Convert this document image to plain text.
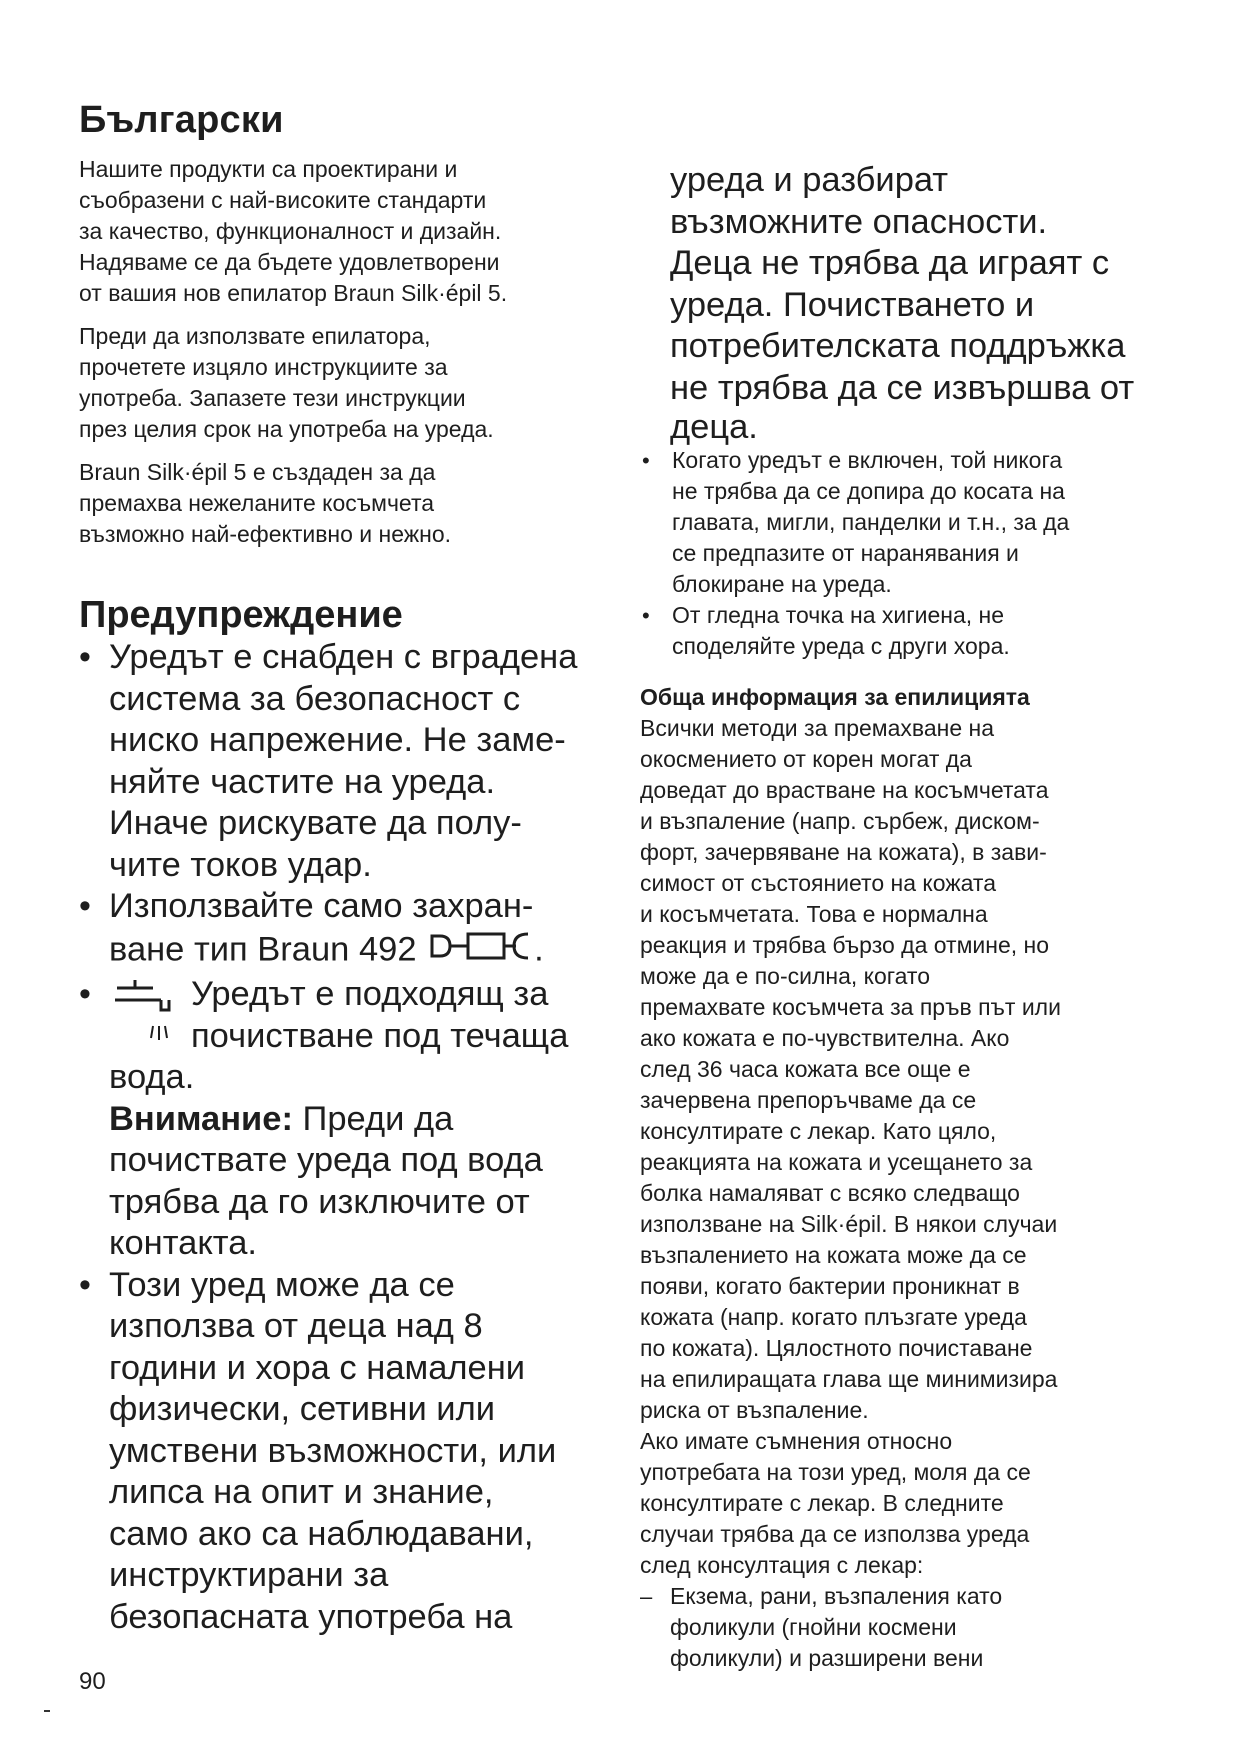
Български

Нашите продукти са проектирани и
съобразени с най-високите стандарти
за качество, функционалност и дизайн.
Надяваме се да бъдете удовлетворени
от вашия нов епилатор Braun Silk·épil 5.

Преди да използвате епилатора,
прочетете изцяло инструкциите за
употреба. Запазете тези инструкции
през целия срок на употреба на уреда.

Braun Silk·épil 5 е създаден за да
премахва нежеланите косъмчета
възможно най-ефективно и нежно.

Предупреждение
• Уредът е снабден с вградена
система за безопасност с
ниско напрежение. Не заме-
няйте частите на уреда.
Иначе рискувате да полу-
чите токов удар.
• Използвайте само захран-
ване тип Braun 492	.
•	Уредът е подходящ за
почистване под течаща
вода.
Внимание: Преди да
почиствате уреда под вода
трябва да го изключите от
контакта.
• Този уред може да се
използва от деца над 8
години и хора с намалени
физически, сетивни или
умствени възможности, или
липса на опит и знание,
само ако са наблюдавани,
инструктирани за
безопасната употреба на
уреда и разбират
възможните опасности.
Деца не трябва да играят с
уреда. Почистването и
потребителската поддръжка
не трябва да се извършва от
деца.
• Когато уредът е включен, той никога
не трябва да се допира до косата на
главата, мигли, панделки и т.н., за да
се предпазите от наранявания и
блокиране на уреда.
• От гледна точка на хигиена, не
споделяйте уреда с други хора.

Обща информация за епилицията

Всички методи за премахване на
окосмението от корен могат да
доведат до врастване на косъмчетата
и възпаление (напр. сърбеж, диском-
форт, зачервяване на кожата), в зави-
симост от състоянието на кожата
и косъмчетата. Това е нормална
реакция и трябва бързо да отмине, но
може да е по-силна, когато
премахвате косъмчета за пръв път или
ако кожата е по-чувствителна. Ако
след 36 часа кожата все още е
зачервена препоръчваме да се
консултирате с лекар. Като цяло,
реакцията на кожата и усещането за
болка намаляват с всяко следващо
използване на Silk·épil. В някои случаи
възпалението на кожата може да се
появи, когато бактерии проникнат в
кожата (напр. когато плъзгате уреда
по кожата). Цялостното почиставане
на епилиращата глава ще минимизира
риска от възпаление.

Ако имате съмнения относно
употребата на този уред, моля да се
консултирате с лекар. В следните
случаи трябва да се използва уреда
след консултация с лекар:

– Екзема, рани, възпаления като
фоликули (гнойни космени
фоликули) и разширени вени
90
